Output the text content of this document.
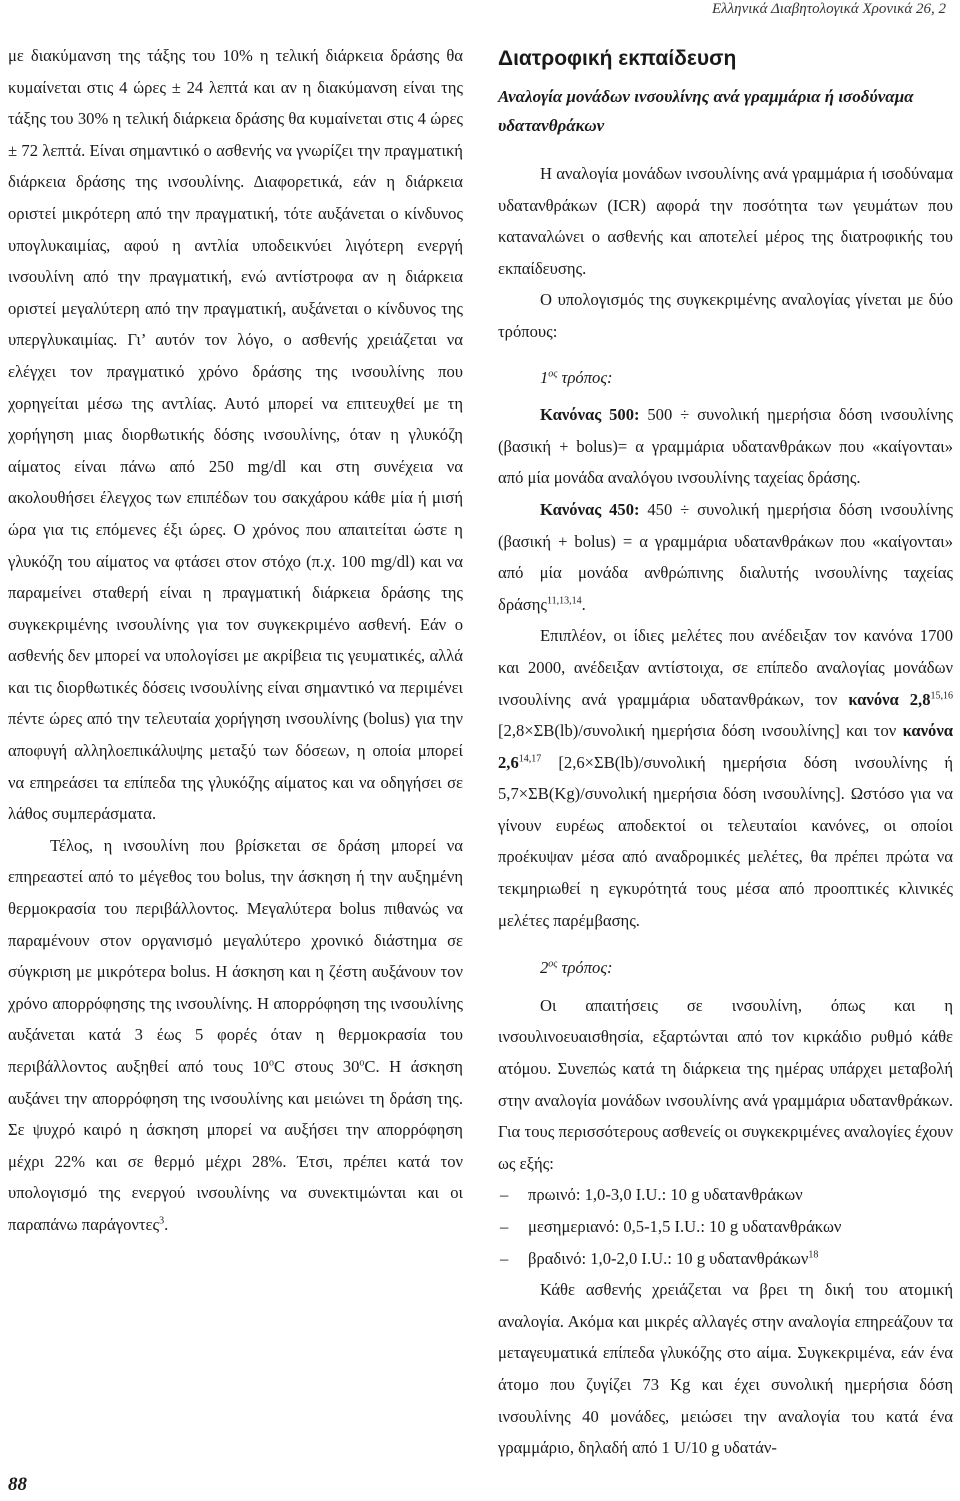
Ελληνικά Διαβητολογικά Χρονικά 26, 2

με διακύμανση της τάξης του 10% η τελική διάρκεια δράσης θα κυμαίνεται στις 4 ώρες ± 24 λεπτά και αν η διακύμανση είναι της τάξης του 30% η τελική διάρκεια δράσης θα κυμαίνεται στις 4 ώρες ± 72 λεπτά. Είναι σημαντικό ο ασθενής να γνωρίζει την πραγματική διάρκεια δράσης της ινσουλίνης. Διαφορετικά, εάν η διάρκεια οριστεί μικρότερη από την πραγματική, τότε αυξάνεται ο κίνδυνος υπογλυκαιμίας, αφού η αντλία υποδεικνύει λιγότερη ενεργή ινσουλίνη από την πραγματική, ενώ αντίστροφα αν η διάρκεια οριστεί μεγαλύτερη από την πραγματική, αυξάνεται ο κίνδυνος της υπεργλυκαιμίας. Γι’ αυτόν τον λόγο, ο ασθενής χρειάζεται να ελέγχει τον πραγματικό χρόνο δράσης της ινσουλίνης που χορηγείται μέσω της αντλίας. Αυτό μπορεί να επιτευχθεί με τη χορήγηση μιας διορθωτικής δόσης ινσουλίνης, όταν η γλυκόζη αίματος είναι πάνω από 250 mg/dl και στη συνέχεια να ακολουθήσει έλεγχος των επιπέδων του σακχάρου κάθε μία ή μισή ώρα για τις επόμενες έξι ώρες. Ο χρόνος που απαιτείται ώστε η γλυκόζη του αίματος να φτάσει στον στόχο (π.χ. 100 mg/dl) και να παραμείνει σταθερή είναι η πραγματική διάρκεια δράσης της συγκεκριμένης ινσουλίνης για τον συγκεκριμένο ασθενή. Εάν ο ασθενής δεν μπορεί να υπολογίσει με ακρίβεια τις γευματικές, αλλά και τις διορθωτικές δόσεις ινσουλίνης είναι σημαντικό να περιμένει πέντε ώρες από την τελευταία χορήγηση ινσουλίνης (bolus) για την αποφυγή αλληλοεπικάλυψης μεταξύ των δόσεων, η οποία μπορεί να επηρεάσει τα επίπεδα της γλυκόζης αίματος και να οδηγήσει σε λάθος συμπεράσματα.

Τέλος, η ινσουλίνη που βρίσκεται σε δράση μπορεί να επηρεαστεί από το μέγεθος του bolus, την άσκηση ή την αυξημένη θερμοκρασία του περιβάλλοντος. Μεγαλύτερα bolus πιθανώς να παραμένουν στον οργανισμό μεγαλύτερο χρονικό διάστημα σε σύγκριση με μικρότερα bolus. Η άσκηση και η ζέστη αυξάνουν τον χρόνο απορρόφησης της ινσουλίνης. Η απορρόφηση της ινσουλίνης αυξάνεται κατά 3 έως 5 φορές όταν η θερμοκρασία του περιβάλλοντος αυξηθεί από τους $10^oC$ στους $30^oC$. Η άσκηση αυξάνει την απορρόφηση της ινσουλίνης και μειώνει τη δράση της. Σε ψυχρό καιρό η άσκηση μπορεί να αυξήσει την απορρόφηση μέχρι 22% και σε θερμό μέχρι 28%. Έτσι, πρέπει κατά τον υπολογισμό της ενεργού ινσουλίνης να συνεκτιμώνται και οι παραπάνω παράγοντες$^3$.

Διατροφική εκπαίδευση
Αναλογία μονάδων ινσουλίνης ανά γραμμάρια ή ισοδύναμα υδατανθράκων

Η αναλογία μονάδων ινσουλίνης ανά γραμμάρια ή ισοδύναμα υδατανθράκων (ICR) αφορά την ποσότητα των γευμάτων που καταναλώνει ο ασθενής και αποτελεί μέρος της διατροφικής του εκπαίδευσης.

Ο υπολογισμός της συγκεκριμένης αναλογίας γίνεται με δύο τρόπους:

$1^{o\varsigma}$ τρόπος:

Κανόνας 500: 500 ÷ συνολική ημερήσια δόση ινσουλίνης (βασική + bolus)= α γραμμάρια υδατανθράκων που «καίγονται» από μία μονάδα αναλόγου ινσουλίνης ταχείας δράσης.

Κανόνας 450: 450 ÷ συνολική ημερήσια δόση ινσουλίνης (βασική + bolus) = α γραμμάρια υδατανθράκων που «καίγονται» από μία μονάδα ανθρώπινης διαλυτής ινσουλίνης ταχείας δράσης$^{11,13,14}$.

Επιπλέον, οι ίδιες μελέτες που ανέδειξαν τον κανόνα 1700 και 2000, ανέδειξαν αντίστοιχα, σε επίπεδο αναλογίας μονάδων ινσουλίνης ανά γραμμάρια υδατανθράκων, τον κανόνα 2,8$^{15,16}$ [2,8×ΣΒ(lb)/συνολική ημερήσια δόση ινσουλίνης] και τον κανόνα 2,6$^{14,17}$ [2,6×ΣΒ(lb)/συνολική ημερήσια δόση ινσουλίνης ή 5,7×ΣΒ(Kg)/συνολική ημερήσια δόση ινσουλίνης]. Ωστόσο για να γίνουν ευρέως αποδεκτοί οι τελευταίοι κανόνες, οι οποίοι προέκυψαν μέσα από αναδρομικές μελέτες, θα πρέπει πρώτα να τεκμηριωθεί η εγκυρότητά τους μέσα από προοπτικές κλινικές μελέτες παρέμβασης.

$2^{o\varsigma}$ τρόπος:

Οι απαιτήσεις σε ινσουλίνη, όπως και η ινσουλινοευαισθησία, εξαρτώνται από τον κιρκάδιο ρυθμό κάθε ατόμου. Συνεπώς κατά τη διάρκεια της ημέρας υπάρχει μεταβολή στην αναλογία μονάδων ινσουλίνης ανά γραμμάρια υδατανθράκων. Για τους περισσότερους ασθενείς οι συγκεκριμένες αναλογίες έχουν ως εξής:

– πρωινό: 1,0-3,0 I.U.: 10 g υδατανθράκων
– μεσημεριανό: 0,5-1,5 I.U.: 10 g υδατανθράκων
– βραδινό: 1,0-2,0 I.U.: 10 g υδατανθράκων$^{18}$

Κάθε ασθενής χρειάζεται να βρει τη δική του ατομική αναλογία. Ακόμα και μικρές αλλαγές στην αναλογία επηρεάζουν τα μεταγευματικά επίπεδα γλυκόζης στο αίμα. Συγκεκριμένα, εάν ένα άτομο που ζυγίζει 73 Kg και έχει συνολική ημερήσια δόση ινσουλίνης 40 μονάδες, μειώσει την αναλογία του κατά ένα γραμμάριο, δηλαδή από 1 U/10 g υδατάν-

88
